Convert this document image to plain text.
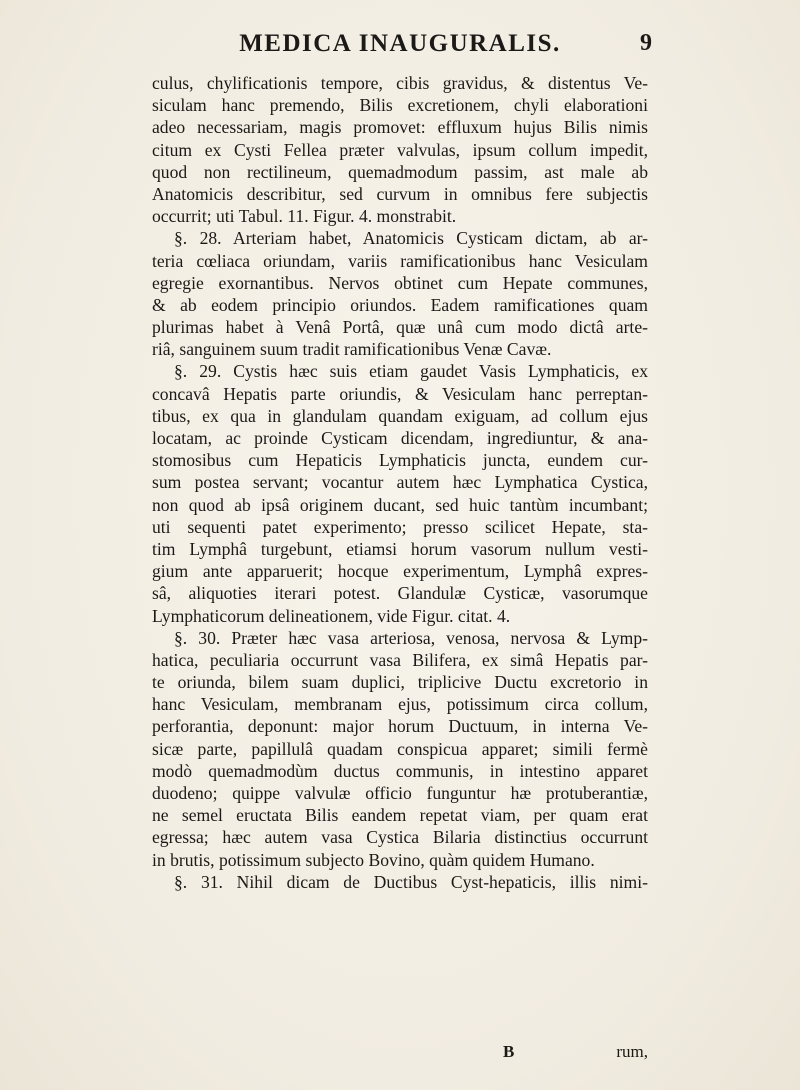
MEDICA INAUGURALIS.	9
culus, chylificationis tempore, cibis gravidus, & distentus Ve-
siculam hanc premendo, Bilis excretionem, chyli elaborationi
adeo necessariam, magis promovet: effluxum hujus Bilis nimis
citum ex Cysti Fellea præter valvulas, ipsum collum impedit,
quod non rectilineum, quemadmodum passim, ast male ab
Anatomicis describitur, sed curvum in omnibus fere subjectis
occurrit; uti Tabul. 11. Figur. 4. monstrabit.
§. 28. Arteriam habet, Anatomicis Cysticam dictam, ab ar-
teria cœliaca oriundam, variis ramificationibus hanc Vesiculam
egregie exornantibus. Nervos obtinet cum Hepate communes,
& ab eodem principio oriundos. Eadem ramificationes quam
plurimas habet à Venâ Portâ, quæ unâ cum modo dictâ arte-
riâ, sanguinem suum tradit ramificationibus Venæ Cavæ.
§. 29. Cystis hæc suis etiam gaudet Vasis Lymphaticis, ex
concavâ Hepatis parte oriundis, & Vesiculam hanc perreptan-
tibus, ex qua in glandulam quandam exiguam, ad collum ejus
locatam, ac proinde Cysticam dicendam, ingrediuntur, & ana-
stomosibus cum Hepaticis Lymphaticis juncta, eundem cur-
sum postea servant; vocantur autem hæc Lymphatica Cystica,
non quod ab ipsâ originem ducant, sed huic tantùm incumbant;
uti sequenti patet experimento; presso scilicet Hepate, sta-
tim Lymphâ turgebunt, etiamsi horum vasorum nullum vesti-
gium ante apparuerit; hocque experimentum, Lymphâ expres-
sâ, aliquoties iterari potest. Glandulæ Cysticæ, vasorumque
Lymphaticorum delineationem, vide Figur. citat. 4.
§. 30. Præter hæc vasa arteriosa, venosa, nervosa & Lymp-
hatica, peculiaria occurrunt vasa Bilifera, ex simâ Hepatis par-
te oriunda, bilem suam duplici, triplicive Ductu excretorio in
hanc Vesiculam, membranam ejus, potissimum circa collum,
perforantia, deponunt: major horum Ductuum, in interna Ve-
sicæ parte, papillulâ quadam conspicua apparet; simili fermè
modò quemadmodùm ductus communis, in intestino apparet
duodeno; quippe valvulæ officio funguntur hæ protuberantiæ,
ne semel eructata Bilis eandem repetat viam, per quam erat
egressa; hæc autem vasa Cystica Bilaria distinctius occurrunt
in brutis, potissimum subjecto Bovino, quàm quidem Humano.
§. 31. Nihil dicam de Ductibus Cyst-hepaticis, illis nimi-
B	rum,
